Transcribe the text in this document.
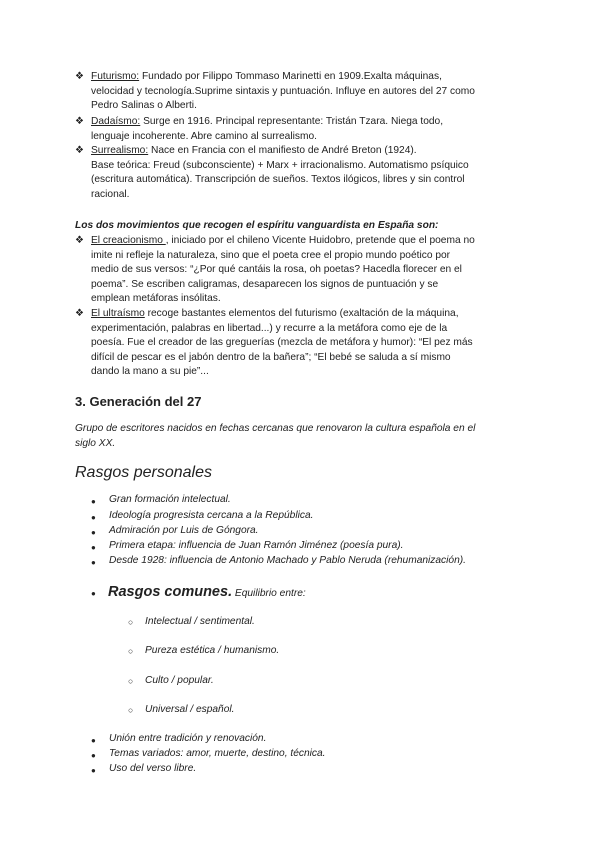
❖ Futurismo: Fundado por Filippo Tommaso Marinetti en 1909.Exalta máquinas,
velocidad y tecnología.Suprime sintaxis y puntuación. Influye en autores del 27 como
Pedro Salinas o Alberti.
❖ Dadaísmo: Surge en 1916. Principal representante: Tristán Tzara. Niega todo,
lenguaje incoherente. Abre camino al surrealismo.
❖ Surrealismo: Nace en Francia con el manifiesto de André Breton (1924).
Base teórica: Freud (subconsciente) + Marx + irracionalismo. Automatismo psíquico
(escritura automática). Transcripción de sueños. Textos ilógicos, libres y sin control
racional.
Los dos movimientos que recogen el espíritu vanguardista en España son:
❖ El creacionismo , iniciado por el chileno Vicente Huidobro, pretende que el poema no
imite ni refleje la naturaleza, sino que el poeta cree el propio mundo poético por
medio de sus versos: “¿Por qué cantáis la rosa, oh poetas? Hacedla florecer en el
poema”. Se escriben caligramas, desaparecen los signos de puntuación y se
emplean metáforas insólitas.
❖ El ultraísmo recoge bastantes elementos del futurismo (exaltación de la máquina,
experimentación, palabras en libertad...) y recurre a la metáfora como eje de la
poesía. Fue el creador de las greguerías (mezcla de metáfora y humor): “El pez más
difícil de pescar es el jabón dentro de la bañera”; “El bebé se saluda a sí mismo
dando la mano a su pie”...
3. Generación del 27
Grupo de escritores nacidos en fechas cercanas que renovaron la cultura española en el
siglo XX.
Rasgos personales
● Gran formación intelectual.
● Ideología progresista cercana a la República.
● Admiración por Luis de Góngora.
● Primera etapa: influencia de Juan Ramón Jiménez (poesía pura).
● Desde 1928: influencia de Antonio Machado y Pablo Neruda (rehumanización).
● Rasgos comunes. Equilibrio entre:
○ Intelectual / sentimental.
○ Pureza estética / humanismo.
○ Culto / popular.
○ Universal / español.
● Unión entre tradición y renovación.
● Temas variados: amor, muerte, destino, técnica.
● Uso del verso libre.
